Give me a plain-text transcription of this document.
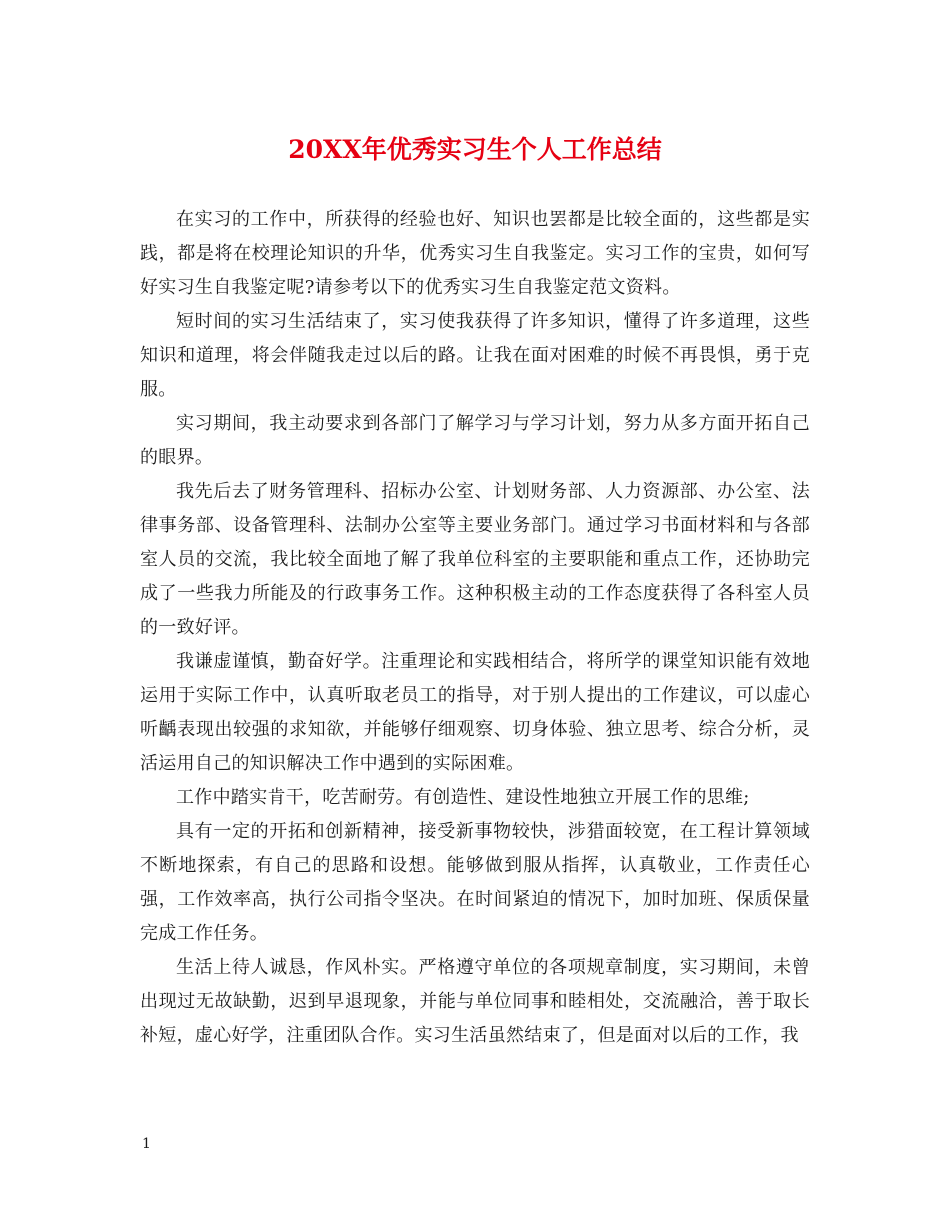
20XX年优秀实习生个人工作总结

在实习的工作中，所获得的经验也好、知识也罢都是比较全面的，这些都是实践，都是将在校理论知识的升华，优秀实习生自我鉴定。实习工作的宝贵，如何写好实习生自我鉴定呢?请参考以下的优秀实习生自我鉴定范文资料。

短时间的实习生活结束了，实习使我获得了许多知识，懂得了许多道理，这些知识和道理，将会伴随我走过以后的路。让我在面对困难的时候不再畏惧，勇于克服。

实习期间，我主动要求到各部门了解学习与学习计划，努力从多方面开拓自己的眼界。

我先后去了财务管理科、招标办公室、计划财务部、人力资源部、办公室、法律事务部、设备管理科、法制办公室等主要业务部门。通过学习书面材料和与各部室人员的交流，我比较全面地了解了我单位科室的主要职能和重点工作，还协助完成了一些我力所能及的行政事务工作。这种积极主动的工作态度获得了各科室人员的一致好评。

我谦虚谨慎，勤奋好学。注重理论和实践相结合，将所学的课堂知识能有效地运用于实际工作中，认真听取老员工的指导，对于别人提出的工作建议，可以虚心听齲表现出较强的求知欲，并能够仔细观察、切身体验、独立思考、综合分析，灵活运用自己的知识解决工作中遇到的实际困难。

工作中踏实肯干，吃苦耐劳。有创造性、建设性地独立开展工作的思维;

具有一定的开拓和创新精神，接受新事物较快，涉猎面较宽，在工程计算领域不断地探索，有自己的思路和设想。能够做到服从指挥，认真敬业，工作责任心强，工作效率高，执行公司指令坚决。在时间紧迫的情况下，加时加班、保质保量完成工作任务。

生活上待人诚恳，作风朴实。严格遵守单位的各项规章制度，实习期间，未曾出现过无故缺勤，迟到早退现象，并能与单位同事和睦相处，交流融洽，善于取长补短，虚心好学，注重团队合作。实习生活虽然结束了，但是面对以后的工作，我

1
